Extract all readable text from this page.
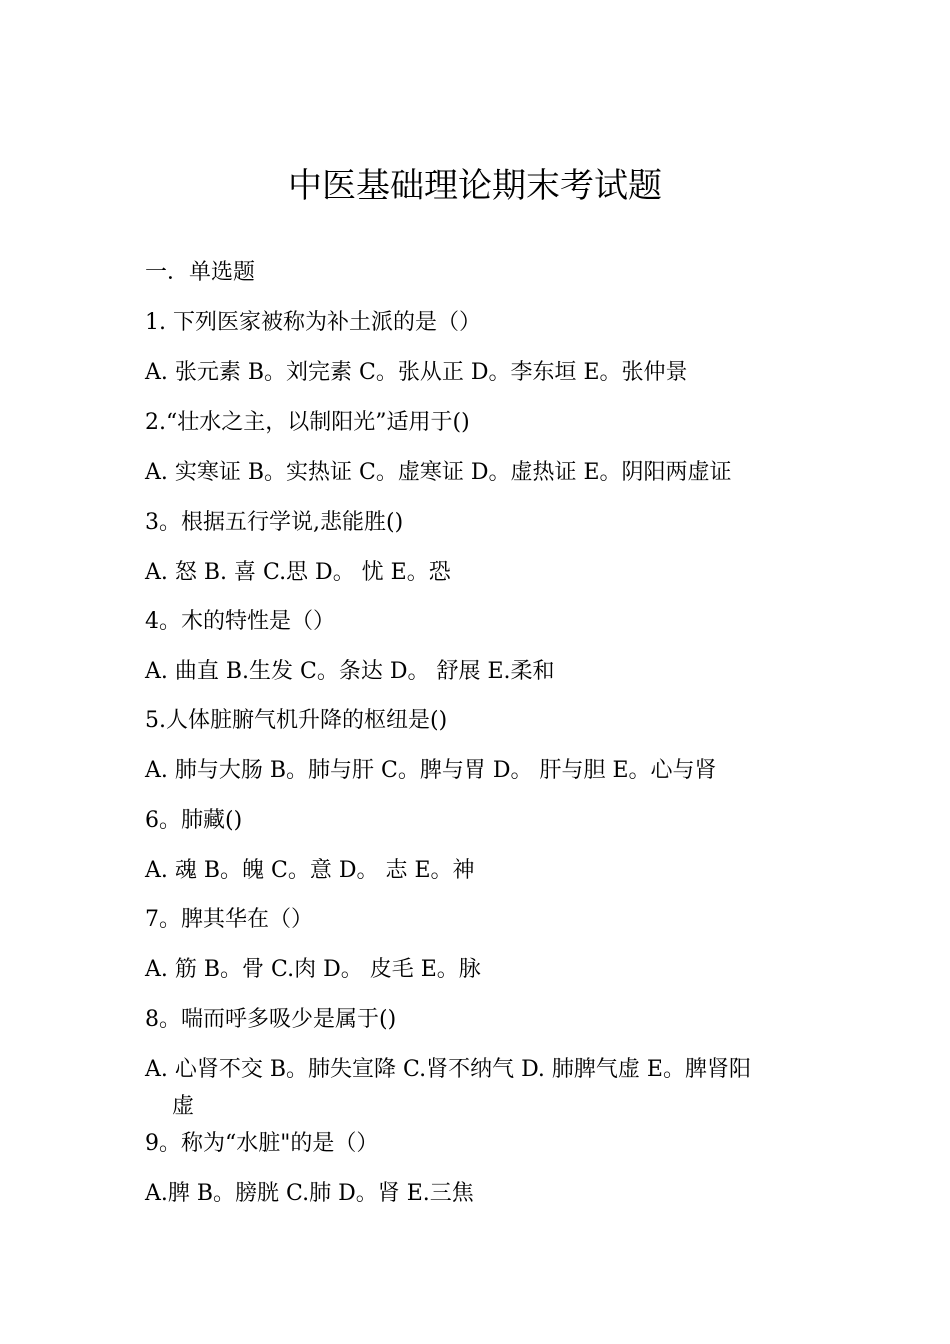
中医基础理论期末考试题
一．单选题
1. 下列医家被称为补土派的是（）
A. 张元素 B。刘完素 C。张从正 D。李东垣 E。张仲景
2.“壮水之主，以制阳光”适用于()
A. 实寒证 B。实热证 C。虚寒证 D。虚热证 E。阴阳两虚证
3。根据五行学说,悲能胜()
A. 怒 B. 喜 C.思 D。 忧 E。恐
4。木的特性是（）
A. 曲直 B.生发 C。条达 D。 舒展 E.柔和
5.人体脏腑气机升降的枢纽是()
A. 肺与大肠 B。肺与肝 C。脾与胃 D。 肝与胆 E。心与肾
6。肺藏()
A. 魂 B。魄 C。意 D。 志 E。神
7。脾其华在（）
A. 筋 B。骨 C.肉 D。 皮毛 E。脉
8。喘而呼多吸少是属于()
A. 心肾不交 B。肺失宣降 C.肾不纳气 D. 肺脾气虚 E。脾肾阳
虚
9。称为“水脏"的是（）
A.脾 B。膀胱 C.肺 D。肾 E.三焦
